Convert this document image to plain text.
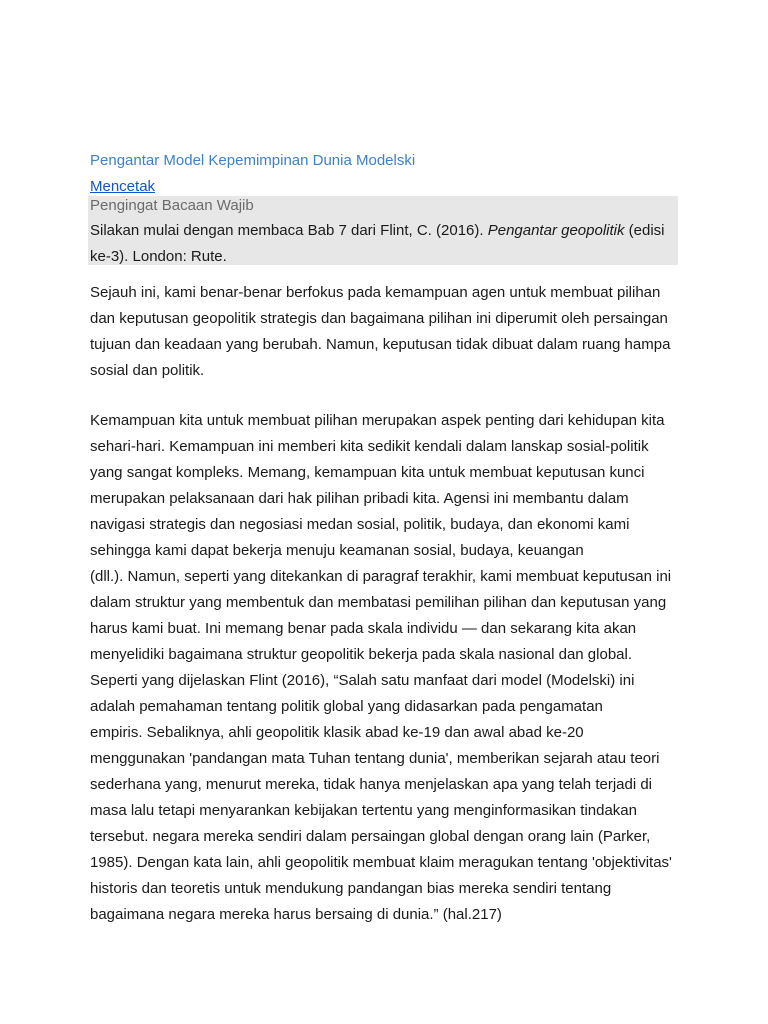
Pengantar Model Kepemimpinan Dunia Modelski
Mencetak
Pengingat Bacaan Wajib

Silakan mulai dengan membaca Bab 7 dari Flint, C. (2016). Pengantar geopolitik (edisi ke-3). London: Rute.

Sejauh ini, kami benar-benar berfokus pada kemampuan agen untuk membuat pilihan
dan keputusan geopolitik strategis dan bagaimana pilihan ini diperumit oleh persaingan
tujuan dan keadaan yang berubah. Namun, keputusan tidak dibuat dalam ruang hampa
sosial dan politik.

Kemampuan kita untuk membuat pilihan merupakan aspek penting dari kehidupan kita
sehari-hari. Kemampuan ini memberi kita sedikit kendali dalam lanskap sosial-politik
yang sangat kompleks. Memang, kemampuan kita untuk membuat keputusan kunci
merupakan pelaksanaan dari hak pilihan pribadi kita. Agensi ini membantu dalam
navigasi strategis dan negosiasi medan sosial, politik, budaya, dan ekonomi kami
sehingga kami dapat bekerja menuju keamanan sosial, budaya, keuangan
(dll.). Namun, seperti yang ditekankan di paragraf terakhir, kami membuat keputusan ini
dalam struktur yang membentuk dan membatasi pemilihan pilihan dan keputusan yang
harus kami buat. Ini memang benar pada skala individu — dan sekarang kita akan
menyelidiki bagaimana struktur geopolitik bekerja pada skala nasional dan global.
Seperti yang dijelaskan Flint (2016), “Salah satu manfaat dari model (Modelski) ini
adalah pemahaman tentang politik global yang didasarkan pada pengamatan
empiris. Sebaliknya, ahli geopolitik klasik abad ke-19 dan awal abad ke-20
menggunakan 'pandangan mata Tuhan tentang dunia', memberikan sejarah atau teori
sederhana yang, menurut mereka, tidak hanya menjelaskan apa yang telah terjadi di
masa lalu tetapi menyarankan kebijakan tertentu yang menginformasikan tindakan
tersebut. negara mereka sendiri dalam persaingan global dengan orang lain (Parker,
1985). Dengan kata lain, ahli geopolitik membuat klaim meragukan tentang 'objektivitas'
historis dan teoretis untuk mendukung pandangan bias mereka sendiri tentang
bagaimana negara mereka harus bersaing di dunia.” (hal.217)
